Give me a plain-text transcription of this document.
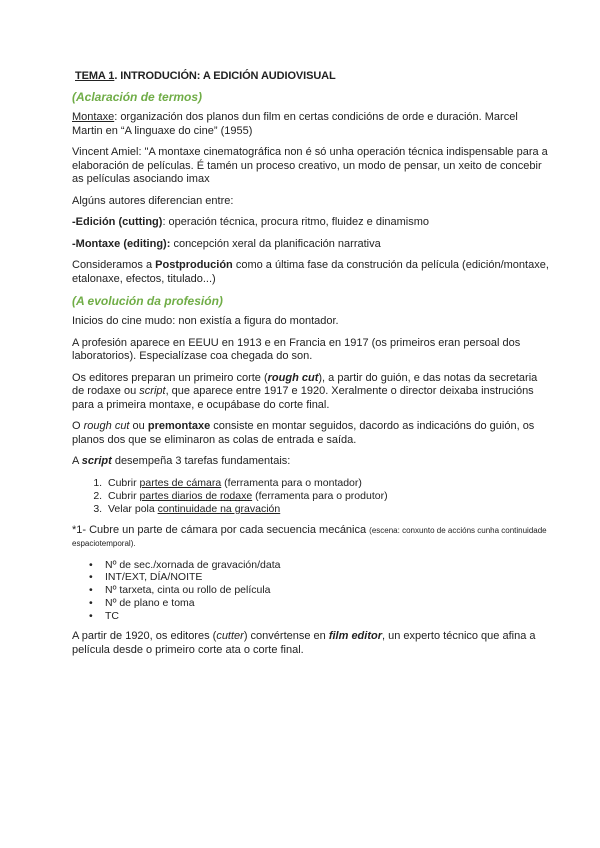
TEMA 1. INTRODUCIÓN: A EDICIÓN AUDIOVISUAL
(Aclaración de termos)

Montaxe: organización dos planos dun film en certas condicións de orde e duración. Marcel Martin en “A linguaxe do cine” (1955)

Vincent Amiel: "A montaxe cinematográfica non é só unha operación técnica indispensable para a elaboración de películas. É tamén un proceso creativo, un modo de pensar, un xeito de concebir as películas asociando imax

Algúns autores diferencian entre:

-Edición (cutting): operación técnica, procura ritmo, fluidez e dinamismo

-Montaxe (editing): concepción xeral da planificación narrativa

Consideramos a Postprodución como a última fase da construción da película (edición/montaxe, etalonaxe, efectos, titulado...)

(A evolución da profesión)

Inicios do cine mudo: non existía a figura do montador.

A profesión aparece en EEUU en 1913 e en Francia en 1917 (os primeiros eran persoal dos laboratorios). Especialízase coa chegada do son.

Os editores preparan un primeiro corte (rough cut), a partir do guión, e das notas da secretaria de rodaxe ou script, que aparece entre 1917 e 1920. Xeralmente o director deixaba instrucións para a primeira montaxe, e ocupábase do corte final.

O rough cut ou premontaxe consiste en montar seguidos, dacordo as indicacións do guión, os planos dos que se eliminaron as colas de entrada e saída.

A script desempeña 3 tarefas fundamentais:

1. Cubrir partes de cámara (ferramenta para o montador)
2. Cubrir partes diarios de rodaxe (ferramenta para o produtor)
3. Velar pola continuidade na gravación

*1- Cubre un parte de cámara por cada secuencia mecánica (escena: conxunto de accións cunha continuidade espaciotemporal).

• Nº de sec./xornada de gravación/data
• INT/EXT, DÍA/NOITE
• Nº tarxeta, cinta ou rollo de película
• Nº de plano e toma
• TC

A partir de 1920, os editores (cutter) convértense en film editor, un experto técnico que afina a película desde o primeiro corte ata o corte final.
